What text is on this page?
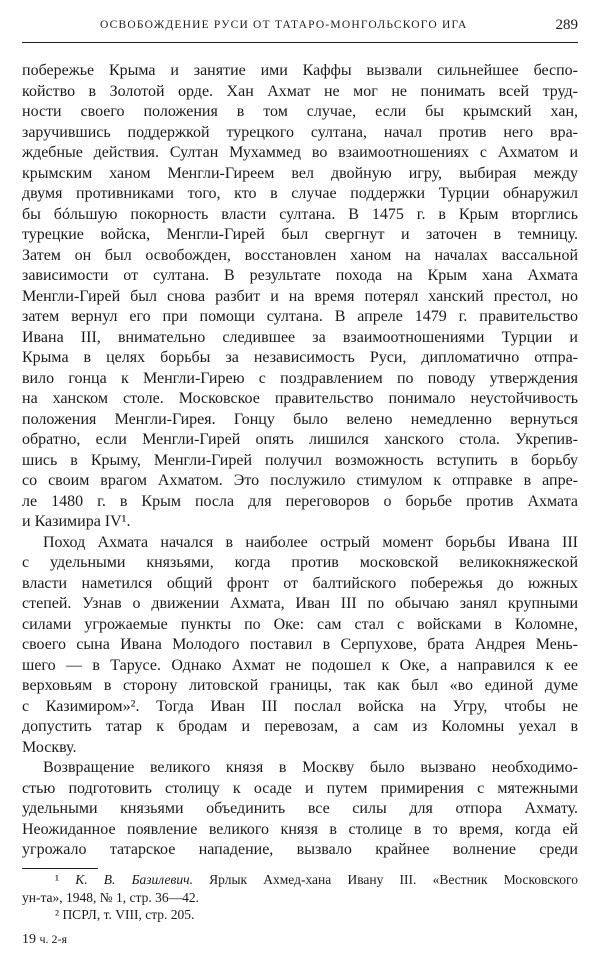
ОСВОБОЖДЕНИЕ РУСИ ОТ ТАТАРО-МОНГОЛЬСКОГО ИГА	289
побережье Крыма и занятие ими Каффы вызвали сильнейшее беспо-
койство в Золотой орде. Хан Ахмат не мог не понимать всей труд-
ности своего положения в том случае, если бы крымский хан,
заручившись поддержкой турецкого султана, начал против него вра-
ждебные действия. Султан Мухаммед во взаимоотношениях с Ахматом и
крымским ханом Менгли-Гиреем вел двойную игру, выбирая между
двумя противниками того, кто в случае поддержки Турции обнаружил
бы бóльшую покорность власти султана. В 1475 г. в Крым вторглись
турецкие войска, Менгли-Гирей был свергнут и заточен в темницу.
Затем он был освобожден, восстановлен ханом на началах вассальной
зависимости от султана. В результате похода на Крым хана Ахмата
Менгли-Гирей был снова разбит и на время потерял ханский престол, но
затем вернул его при помощи султана. В апреле 1479 г. правительство
Ивана III, внимательно следившее за взаимоотношениями Турции и
Крыма в целях борьбы за независимость Руси, дипломатично отпра-
вило гонца к Менгли-Гирею с поздравлением по поводу утверждения
на ханском столе. Московское правительство понимало неустойчивость
положения Менгли-Гирея. Гонцу было велено немедленно вернуться
обратно, если Менгли-Гирей опять лишился ханского стола. Укрепив-
шись в Крыму, Менгли-Гирей получил возможность вступить в борьбу
со своим врагом Ахматом. Это послужило стимулом к отправке в апре-
ле 1480 г. в Крым посла для переговоров о борьбе против Ахмата
и Казимира IV¹.
Поход Ахмата начался в наиболее острый момент борьбы Ивана III
с удельными князьями, когда против московской великокняжеской
власти наметился общий фронт от балтийского побережья до южных
степей. Узнав о движении Ахмата, Иван III по обычаю занял крупными
силами угрожаемые пункты по Оке: сам стал с войсками в Коломне,
своего сына Ивана Молодого поставил в Серпухове, брата Андрея Мень-
шего — в Тарусе. Однако Ахмат не подошел к Оке, а направился к ее
верховьям в сторону литовской границы, так как был «во единой думе
с Казимиром»². Тогда Иван III послал войска на Угру, чтобы не
допустить татар к бродам и перевозам, а сам из Коломны уехал в
Москву.
Возвращение великого князя в Москву было вызвано необходимо-
стью подготовить столицу к осаде и путем примирения с мятежными
удельными князьями объединить все силы для отпора Ахмату.
Неожиданное появление великого князя в столице в то время, когда ей
угрожало татарское нападение, вызвало крайнее волнение среди
¹ К. В. Базилевич. Ярлык Ахмед-хана Ивану III. «Вестник Московского
ун-та», 1948, № 1, стр. 36—42.
² ПСРЛ, т. VIII, стр. 205.
19 ч. 2-я
